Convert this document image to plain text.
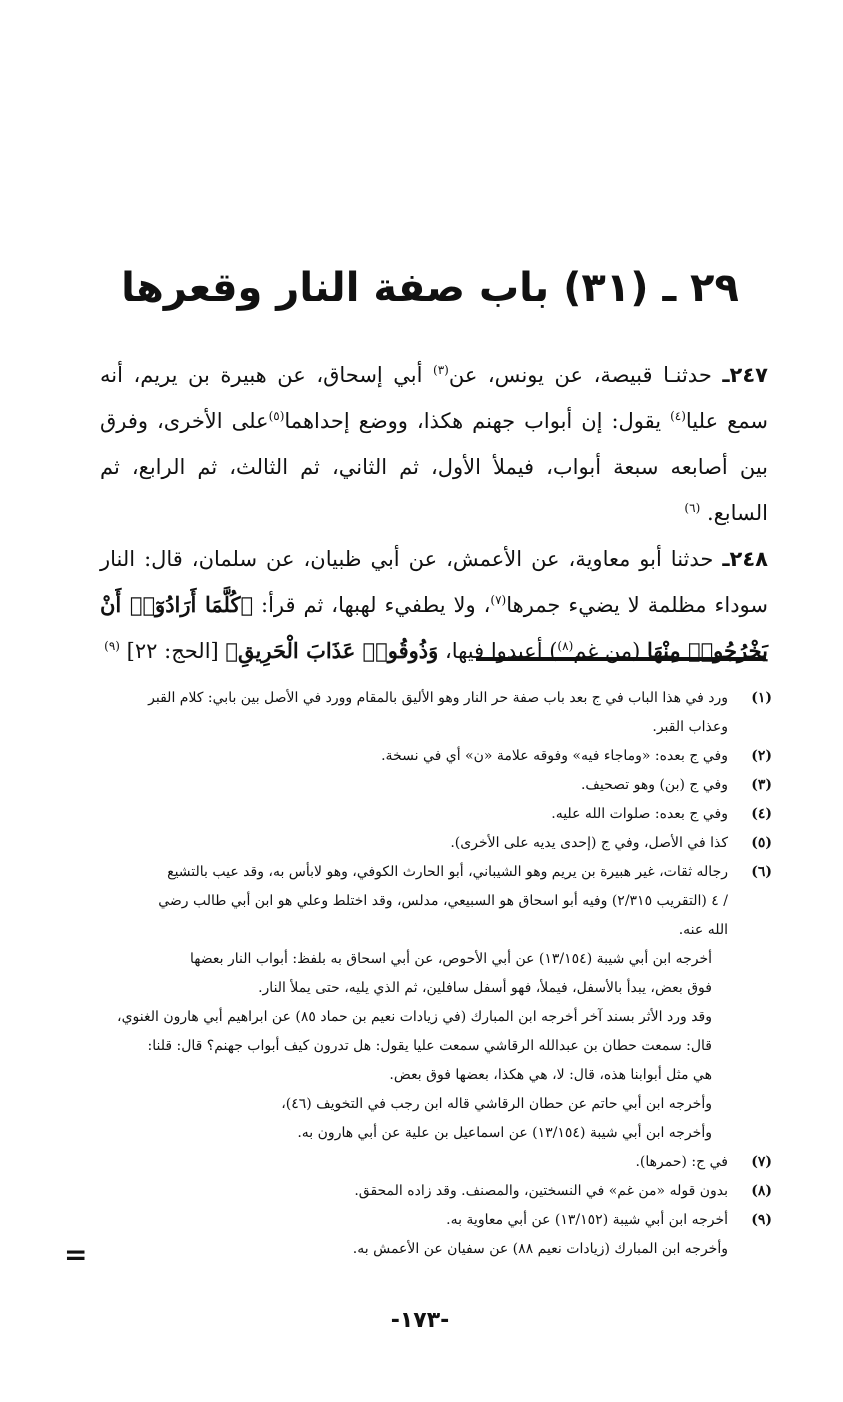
٢٩ ـ (٣١) باب صفة النار وقعرها

٢٤٧ـ حدثنـا قبيصة، عن يونس، عن$^{(٣)}$ أبي إسحاق، عن هبيرة بن يريم، أنه سمع عليا$^{(٤)}$ يقول: إن أبواب جهنم هكذا، ووضع إحداهما$^{(٥)}$على الأخرى، وفرق بين أصابعه سبعة أبواب، فيملأ الأول، ثم الثاني، ثم الثالث، ثم الرابع، ثم السابع. $^{(٦)}$

٢٤٨ـ حدثنا أبو معاوية، عن الأعمش، عن أبي ظبيان، عن سلمان، قال: النار سوداء مظلمة لا يضيء جمرها$^{(٧)}$، ولا يطفيء لهبها، ثم قرأ: ﴿كُلَّمَا أَرَادُوٓا۟ أَنْ يَخْرُجُوا۟ مِنْهَا (من غم$^{(٨)}$) أعيدوا فيها، وَذُوقُوا۟ عَذَابَ الْحَرِيقِ﴾ [الحج: ٢٢] $^{(٩)}$

(١)
ورد في هذا الباب في ج بعد باب صفة حر النار وهو الأليق بالمقام وورد في الأصل بين بابي: كلام القبر
وعذاب القبر.
(٢)
وفي ج بعده: «وماجاء فيه» وفوقه علامة «ن» أي في نسخة.
(٣)
وفي ج (بن) وهو تصحيف.
(٤)
وفي ج بعده: صلوات الله عليه.
(٥)
كذا في الأصل، وفي ج (إحدى يديه على الأخرى).
(٦)
رجاله ثقات، غير هبيرة بن يريم وهو الشيباني، أبو الحارث الكوفي، وهو لابأس به، وقد عيب بالتشيع
/ ٤ (التقريب ٢/٣١٥) وفيه أبو اسحاق هو السبيعي، مدلس، وقد اختلط وعلي هو ابن أبي طالب رضي
الله عنه.
أخرجه ابن أبي شيبة (١٣/١٥٤) عن أبي الأحوص، عن أبي اسحاق به بلفظ: أبواب النار بعضها
فوق بعض، يبدأ بالأسفل، فيملأ، فهو أسفل سافلين، ثم الذي يليه، حتى يملأ النار.
وقد ورد الأثر بسند آخر أخرجه ابن المبارك (في زيادات نعيم بن حماد ٨٥) عن ابراهيم أبي هارون الغنوي،
قال: سمعت حطان بن عبدالله الرقاشي سمعت عليا يقول: هل تدرون كيف أبواب جهنم؟ قال: قلنا:
هي مثل أبوابنا هذه، قال: لا، هي هكذا، بعضها فوق بعض.
وأخرجه ابن أبي حاتم عن حطان الرقاشي قاله ابن رجب في التخويف (٤٦)،
وأخرجه ابن أبي شيبة (١٣/١٥٤) عن اسماعيل بن علية عن أبي هارون به.
(٧)
في ج: (حمرها).
(٨)
بدون قوله «من غم» في النسختين، والمصنف. وقد زاده المحقق.
(٩)
أخرجه ابن أبي شيبة (١٣/١٥٢) عن أبي معاوية به.
وأخرجه ابن المبارك (زيادات نعيم ٨٨) عن سفيان عن الأعمش به.
=
-١٧٣-
